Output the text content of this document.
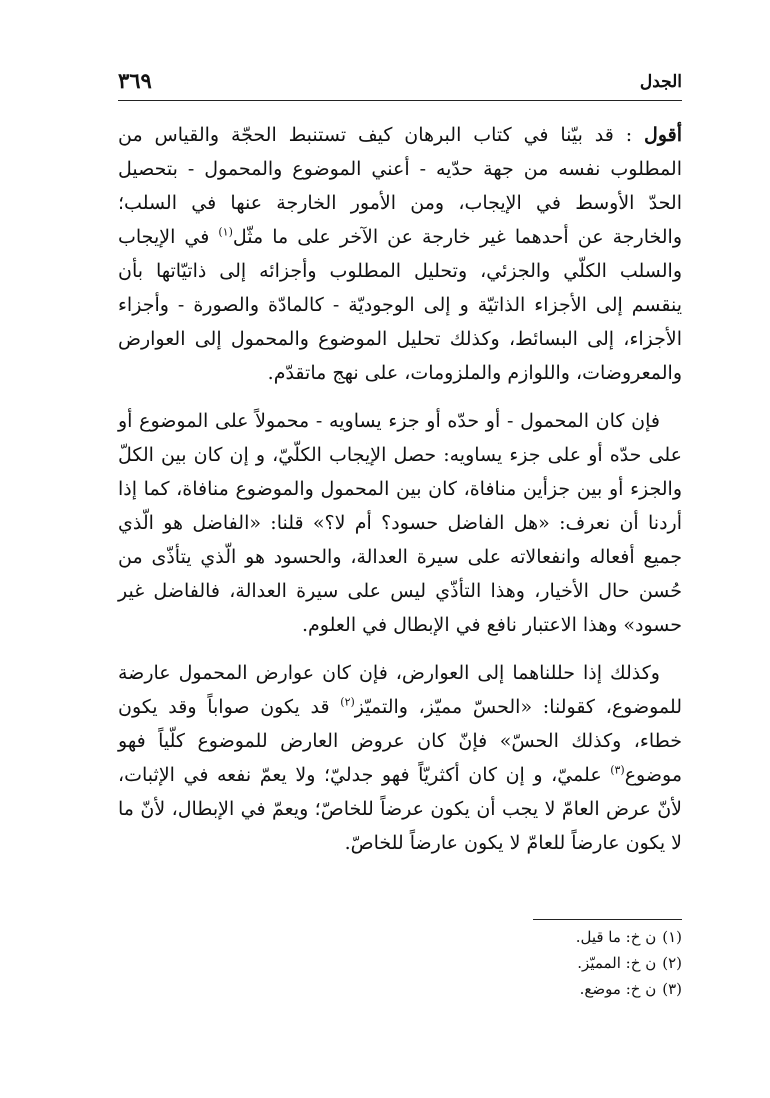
الجدل
٣٦٩

أقول : قد بيّنا في كتاب البرهان كيف تستنبط الحجّة والقياس من المطلوب نفسه من جهة حدّيه - أعني الموضوع والمحمول - بتحصيل الحدّ الأوسط في الإيجاب، ومن الأمور الخارجة عنها في السلب؛ والخارجة عن أحدهما غير خارجة عن الآخر على ما مثّل$^{(١)}$ في الإيجاب والسلب الكلّي والجزئي، وتحليل المطلوب وأجزائه إلى ذاتيّاتها بأن ينقسم إلى الأجزاء الذاتيّة و إلى الوجوديّة - كالمادّة والصورة - وأجزاء الأجزاء، إلى البسائط، وكذلك تحليل الموضوع والمحمول إلى العوارض والمعروضات، واللوازم والملزومات، على نهج ماتقدّم.

فإن كان المحمول - أو حدّه أو جزء يساويه - محمولاً على الموضوع أو على حدّه أو على جزء يساويه: حصل الإيجاب الكلّيّ، و إن كان بين الكلّ والجزء أو بين جزأين منافاة، كان بين المحمول والموضوع منافاة، كما إذا أردنا أن نعرف: «هل الفاضل حسود؟ أم لا؟» قلنا: «الفاضل هو الّذي جميع أفعاله وانفعالاته على سيرة العدالة، والحسود هو الّذي يتأذّى من حُسن حال الأخيار، وهذا التأذّي ليس على سيرة العدالة، فالفاضل غير حسود» وهذا الاعتبار نافع في الإبطال في العلوم.

وكذلك إذا حللناهما إلى العوارض، فإن كان عوارض المحمول عارضة للموضوع، كقولنا: «الحسّ مميّز، والتميّز$^{(٢)}$ قد يكون صواباً وقد يكون خطاء، وكذلك الحسّ» فإنّ كان عروض العارض للموضوع كلّياً فهو موضوع$^{(٣)}$ علميّ، و إن كان أكثريّاً فهو جدليّ؛ ولا يعمّ نفعه في الإثبات، لأنّ عرض العامّ لا يجب أن يكون عرضاً للخاصّ؛ ويعمّ في الإبطال، لأنّ ما لا يكون عارضاً للعامّ لا يكون عارضاً للخاصّ.

(١)ن خ: ما قيل.
(٢)ن خ: المميّز.
(٣)ن خ: موضع.
